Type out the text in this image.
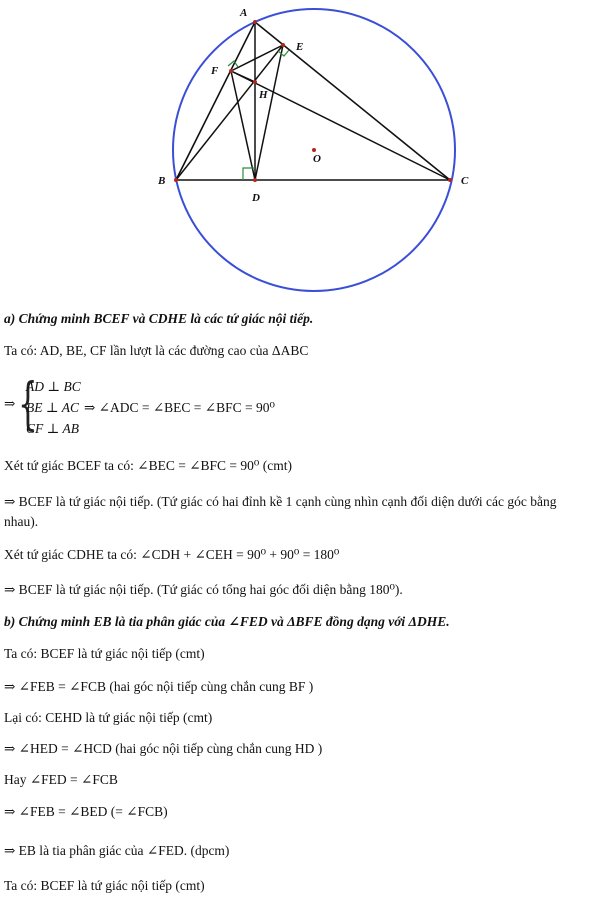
A
E
F
H
O
B	C
D
a) Chứng minh BCEF và CDHE là các tứ giác nội tiếp.
Ta có: AD, BE, CF lần lượt là các đường cao của ΔABC
⇒ {
AD ⊥ BC
BE ⊥ AC
CF ⊥ AB
⇒ ∠ADC = ∠BEC = ∠BFC = 90⁰
Xét tứ giác BCEF ta có: ∠BEC = ∠BFC = 90⁰ (cmt)
⇒ BCEF là tứ giác nội tiếp. (Tứ giác có hai đỉnh kề 1 cạnh cùng nhìn cạnh đối diện dưới các góc bằng nhau).
Xét tứ giác CDHE ta có: ∠CDH + ∠CEH = 90⁰ + 90⁰ = 180⁰
⇒ BCEF là tứ giác nội tiếp. (Tứ giác có tổng hai góc đối diện bằng 180⁰).
b) Chứng minh EB là tia phân giác của ∠FED và ΔBFE đồng dạng với ΔDHE.
Ta có: BCEF là tứ giác nội tiếp (cmt)
⇒ ∠FEB = ∠FCB (hai góc nội tiếp cùng chắn cung BF )
Lại có: CEHD là tứ giác nội tiếp (cmt)
⇒ ∠HED = ∠HCD (hai góc nội tiếp cùng chắn cung HD )
Hay ∠FED = ∠FCB
⇒ ∠FEB = ∠BED (= ∠FCB)
⇒ EB là tia phân giác của ∠FED. (dpcm)
Ta có: BCEF là tứ giác nội tiếp (cmt)
